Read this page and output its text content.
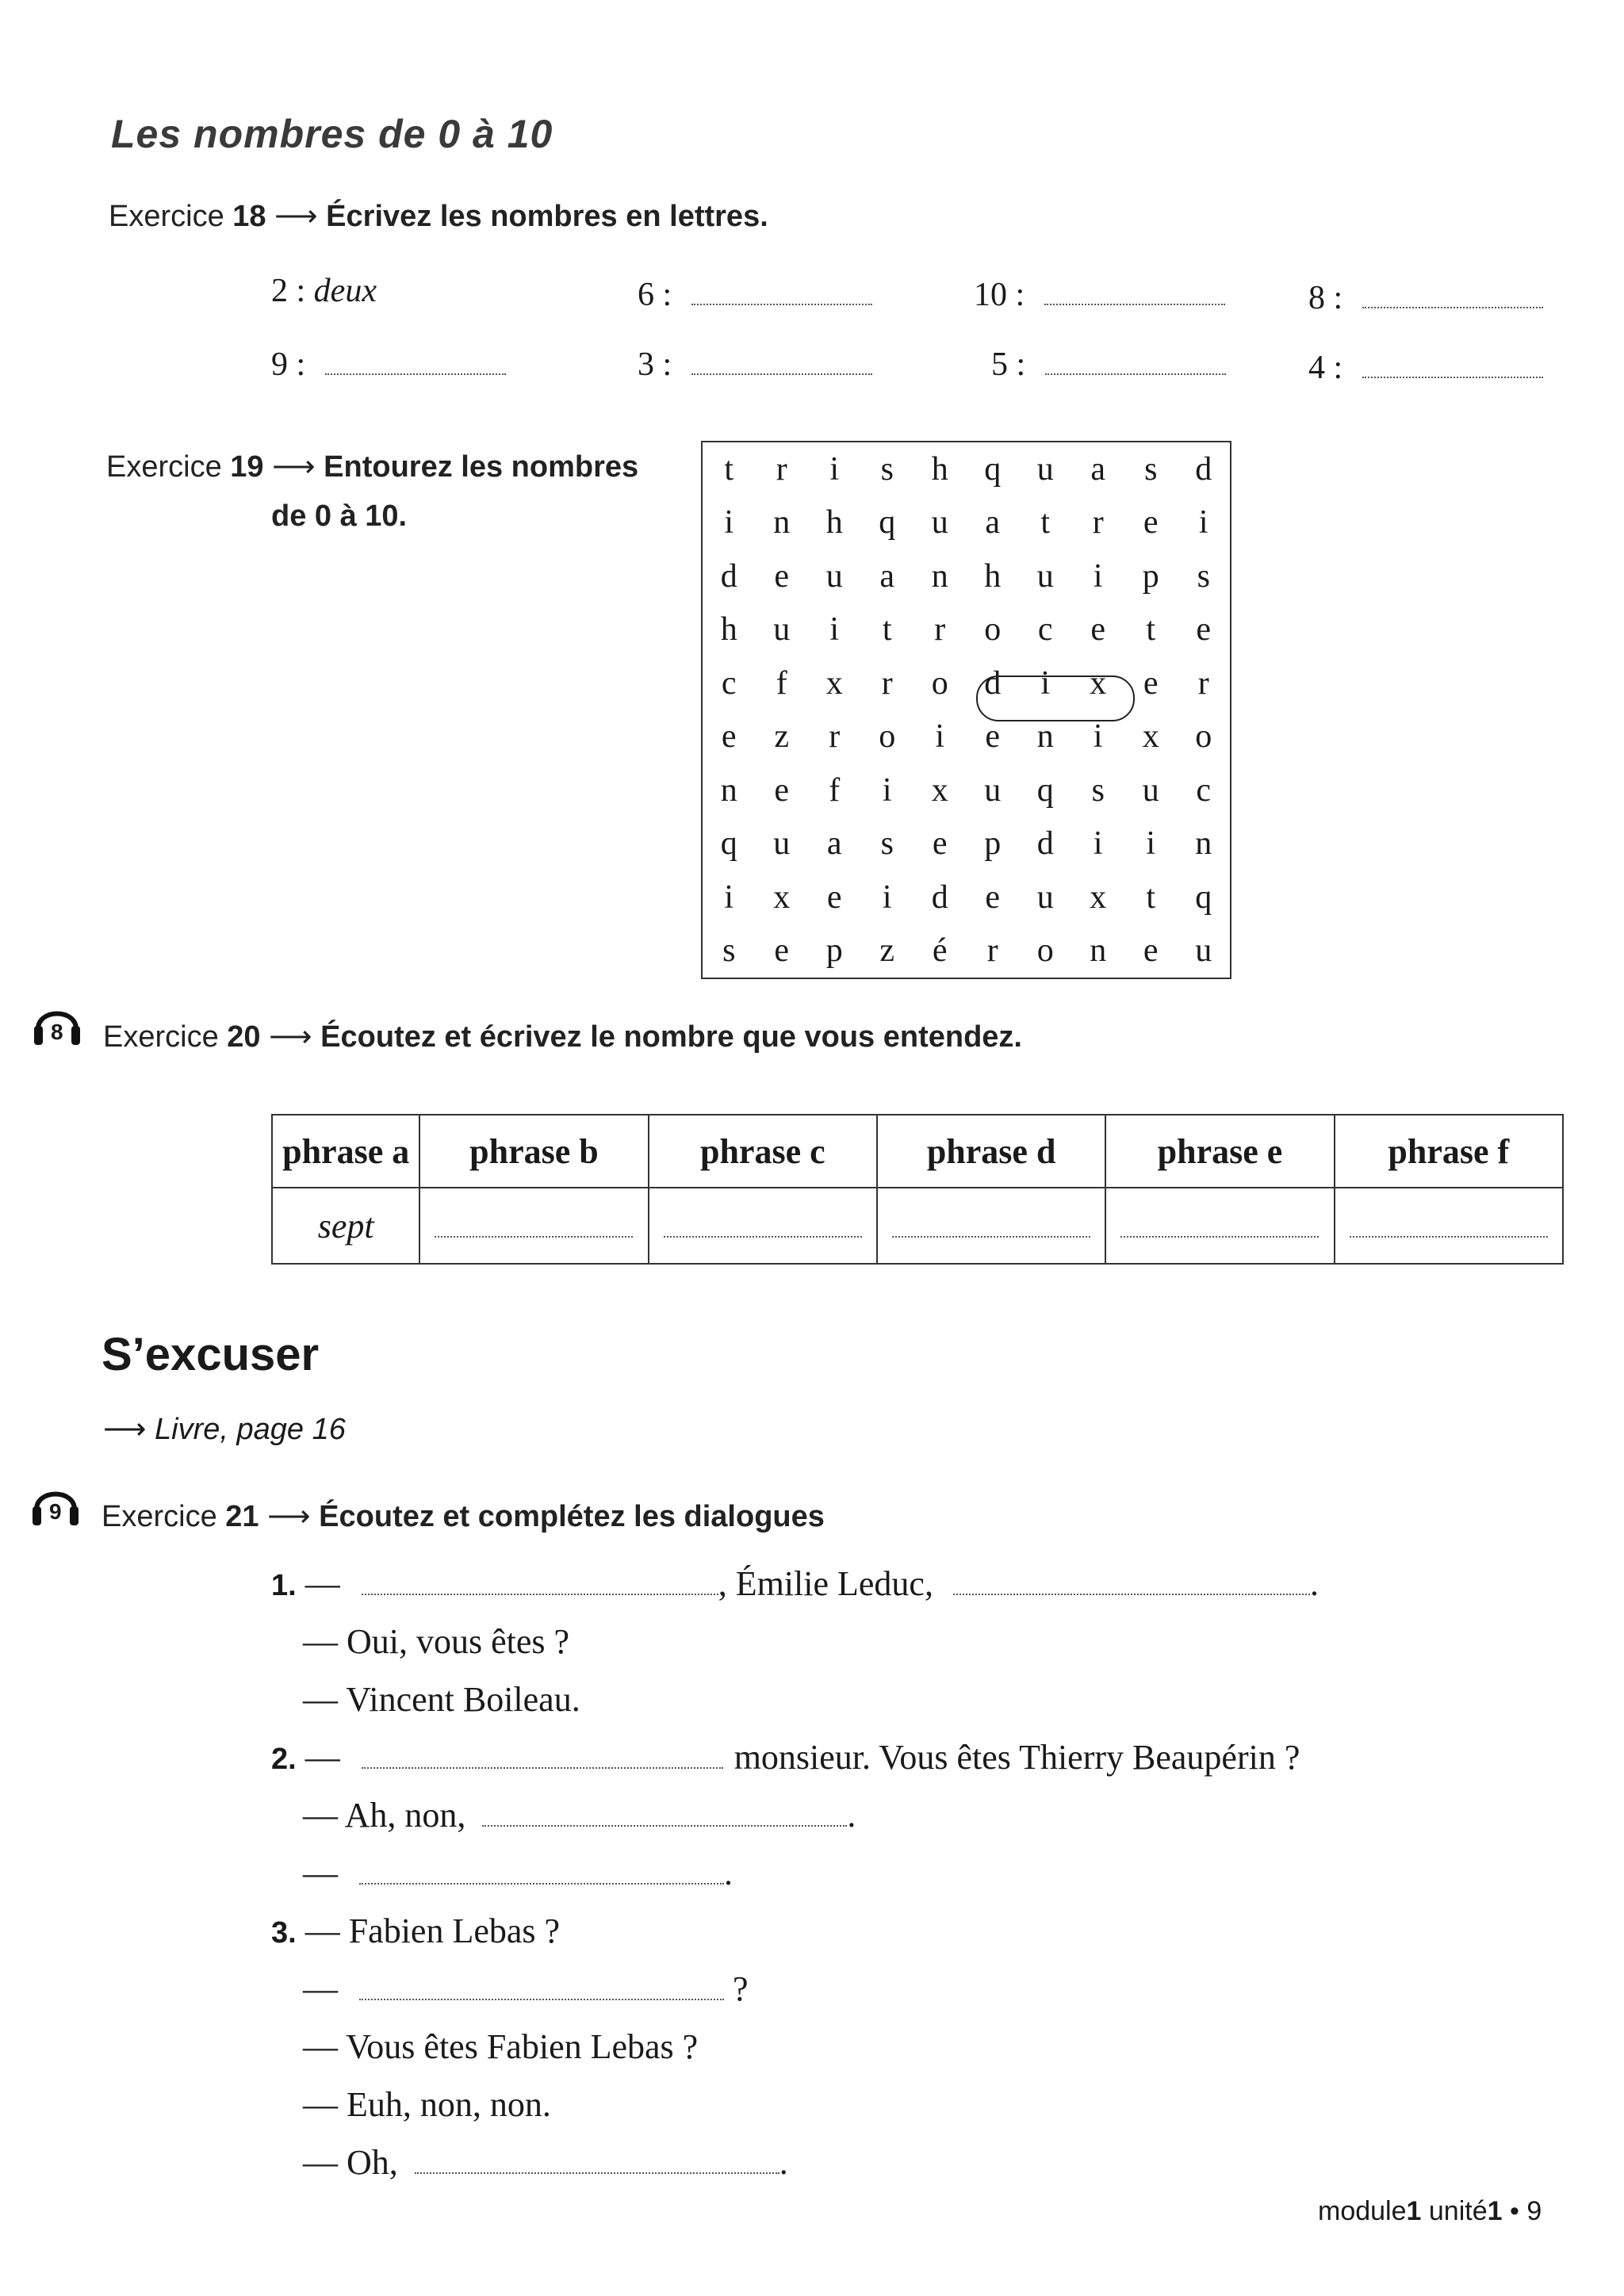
Les nombres de 0 à 10
Exercice 18 ⟶ Écrivez les nombres en lettres.
2 : deux	6 :	10 :	8 :
9 :	3 :	5 :	4 :
Exercice 19 ⟶ Entourez les nombres
de 0 à 10.
t	r	i	s	h	q	u	a	s	d
i	n	h	q	u	a	t	r	e	i
d	e	u	a	n	h	u	i	p	s
h	u	i	t	r	o	c	e	t	e
c	f	x	r	o	d	i	x	e	r
e	z	r	o	i	e	n	i	x	o
n	e	f	i	x	u	q	s	u	c
q	u	a	s	e	p	d	i	i	n
i	x	e	i	d	e	u	x	t	q
s	e	p	z	é	r	o	n	e	u
8 Exercice 20 ⟶ Écoutez et écrivez le nombre que vous entendez.
phrase a	phrase b	phrase c	phrase d	phrase e	phrase f
sept					
S’excuser
⟶ Livre, page 16
9 Exercice 21 ⟶ Écoutez et complétez les dialogues
1. —	, Émilie Leduc,	.
— Oui, vous êtes ?
— Vincent Boileau.
2. —	monsieur. Vous êtes Thierry Beaupérin ?
— Ah, non,	.
—	.
3. — Fabien Lebas ?
—	?
— Vous êtes Fabien Lebas ?
— Euh, non, non.
— Oh,	.
module1 unité1 • 9
